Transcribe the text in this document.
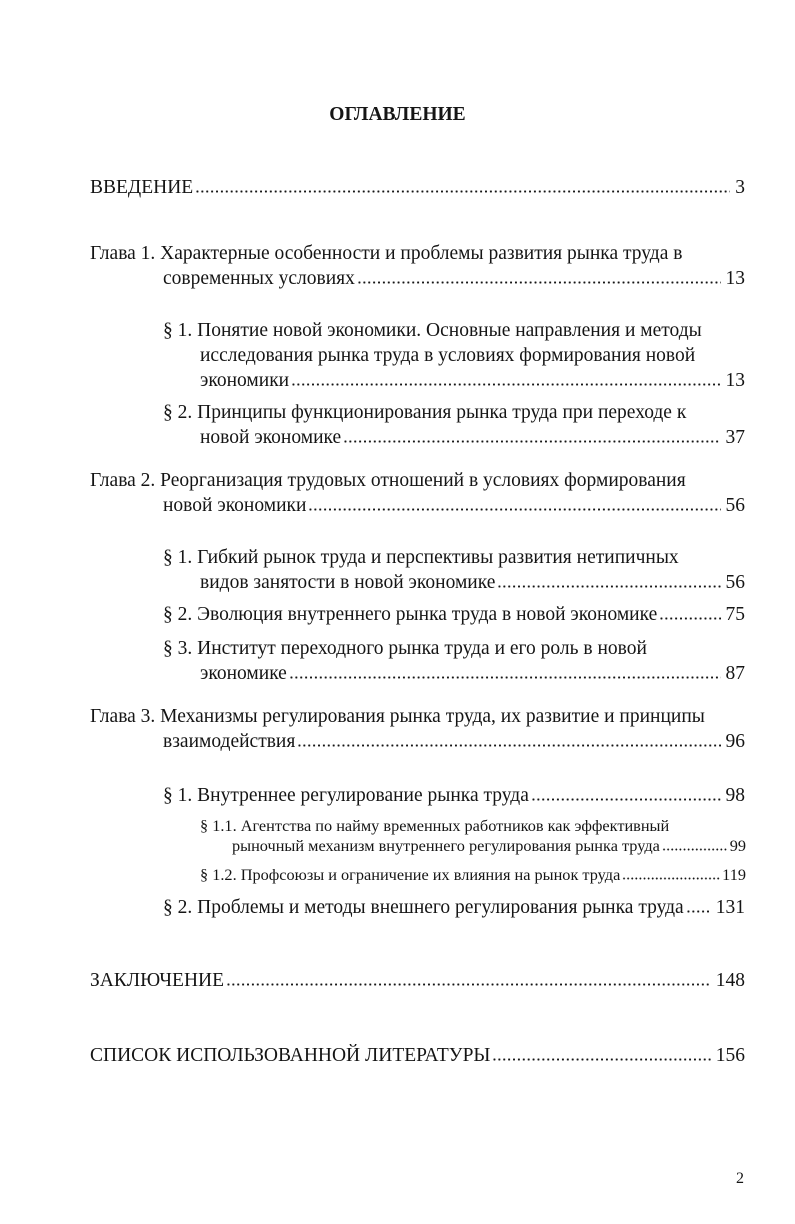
ОГЛАВЛЕНИЕ
ВВЕДЕНИЕ	3
Глава 1. Характерные особенности и проблемы развития рынка труда в
современных условиях	13
§ 1. Понятие новой экономики. Основные направления и методы
исследования рынка труда в условиях формирования новой
экономики	13
§ 2. Принципы функционирования рынка труда при переходе к
новой экономике	37
Глава 2. Реорганизация трудовых отношений в условиях формирования
новой экономики	56
§ 1. Гибкий рынок труда и перспективы развития нетипичных
видов занятости в новой экономике	56
§ 2. Эволюция внутреннего рынка труда в новой экономике	75
§ 3. Институт переходного рынка труда и его роль в новой
экономике	87
Глава 3. Механизмы регулирования рынка труда, их развитие и принципы
взаимодействия	96
§ 1. Внутреннее регулирование рынка труда	98
§ 1.1. Агентства по найму временных работников как эффективный
рыночный механизм внутреннего регулирования рынка труда	99
§ 1.2. Профсоюзы и ограничение их влияния на рынок труда	119
§ 2. Проблемы и методы внешнего регулирования рынка труда 131
ЗАКЛЮЧЕНИЕ	148
СПИСОК ИСПОЛЬЗОВАННОЙ ЛИТЕРАТУРЫ	156
2
